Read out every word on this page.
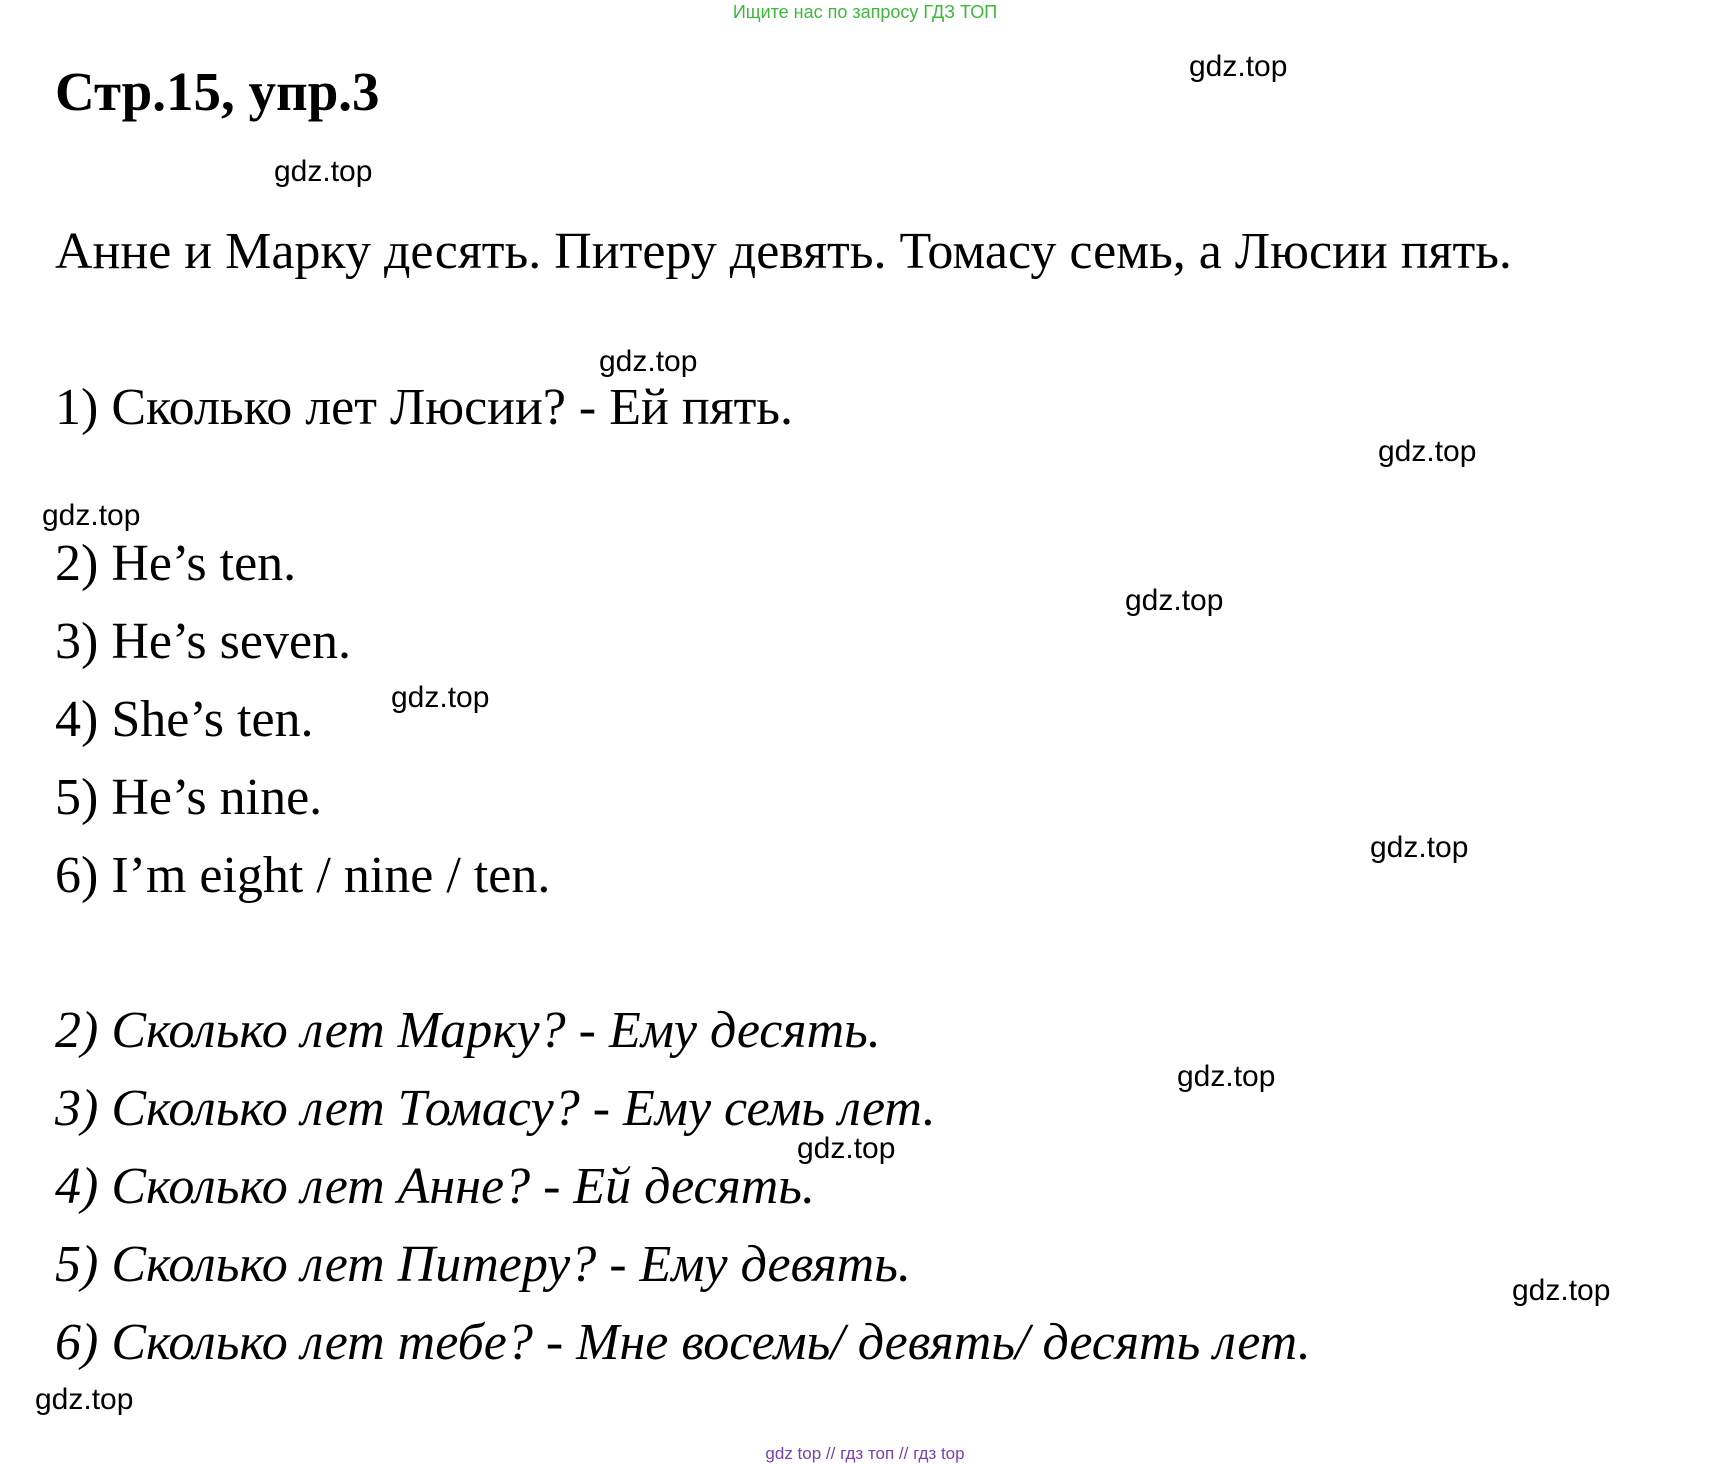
Ищите нас по запросу ГДЗ ТОП
Стр.15, упр.3
Анне и Марку десять. Питеру девять. Томасу семь, а Люсии пять.
1) Сколько лет Люсии? - Ей пять.
2) He’s ten.
3) He’s seven.
4) She’s ten.
5) He’s nine.
6) I’m eight / nine / ten.
2) Сколько лет Марку? - Ему десять.
3) Сколько лет Томасу? - Ему семь лет.
4) Сколько лет Анне? - Ей десять.
5) Сколько лет Питеру? - Ему девять.
6) Сколько лет тебе? - Мне восемь/ девять/ десять лет.
gdz.top
gdz.top
gdz.top
gdz.top
gdz.top
gdz.top
gdz.top
gdz.top
gdz.top
gdz.top
gdz.top
gdz.top
gdz top // гдз топ // гдз top
